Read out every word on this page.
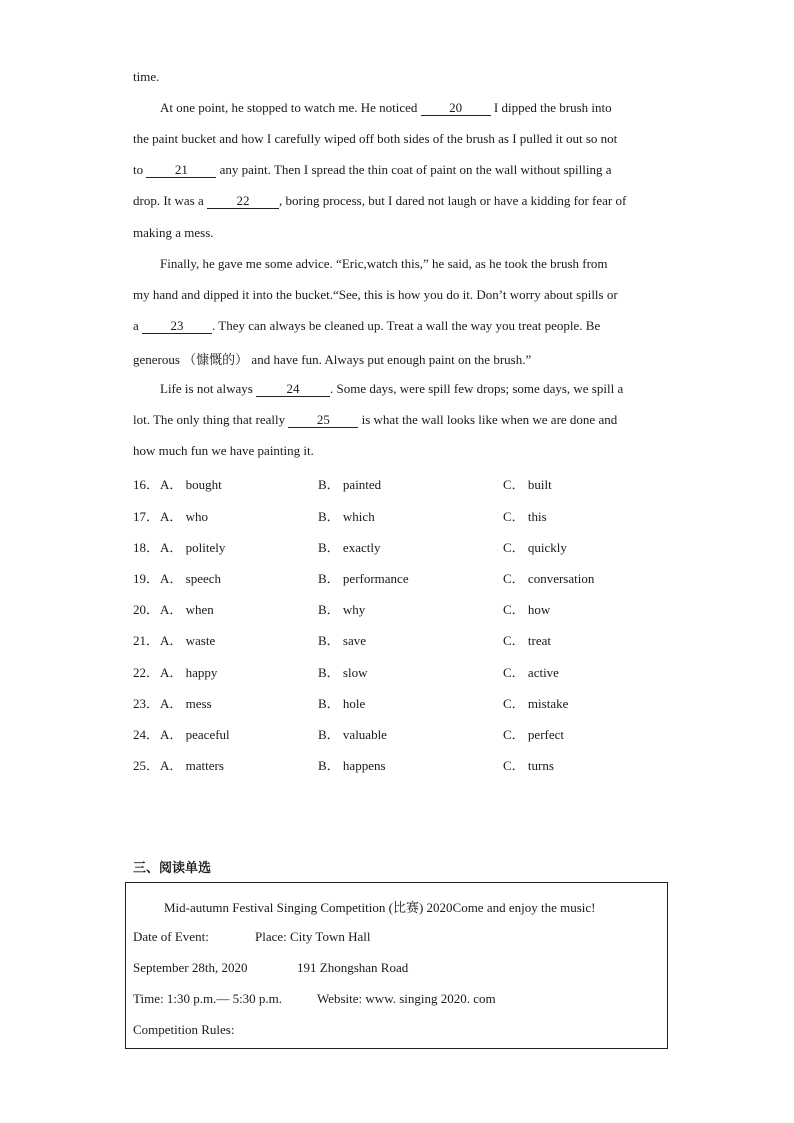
time.
At one point, he stopped to watch me. He noticed 20 I dipped the brush into
the paint bucket and how I carefully wiped off both sides of the brush as I pulled it out so not
to 21 any paint. Then I spread the thin coat of paint on the wall without spilling a
drop. It was a 22 , boring process, but I dared not laugh or have a kidding for fear of
making a mess.
Finally, he gave me some advice. “Eric,watch this,” he said, as he took the brush from
my hand and dipped it into the bucket.“See, this is how you do it. Don’t worry about spills or
a 23 . They can always be cleaned up. Treat a wall the way you treat people. Be
generous （慷慨的） and have fun. Always put enough paint on the brush.”
Life is not always 24 . Some days, were spill few drops; some days, we spill a
lot. The only thing that really 25 is what the wall looks like when we are done and
how much fun we have painting it.
16． A． bought	B． painted	C． built
17． A． who	B． which	C． this
18． A． politely	B． exactly	C． quickly
19． A． speech	B． performance	C． conversation
20． A． when	B． why	C． how
21． A． waste	B． save	C． treat
22． A． happy	B． slow	C． active
23． A． mess	B． hole	C． mistake
24． A． peaceful	B． valuable	C． perfect
25． A． matters	B． happens	C． turns
三、阅读单选
Mid-autumn Festival Singing Competition (比赛) 2020Come and enjoy the music!
Date of Event:	Place: City Town Hall
September 28th, 2020	191 Zhongshan Road
Time: 1:30 p.m.— 5:30 p.m.	Website: www. singing 2020. com
Competition Rules:
